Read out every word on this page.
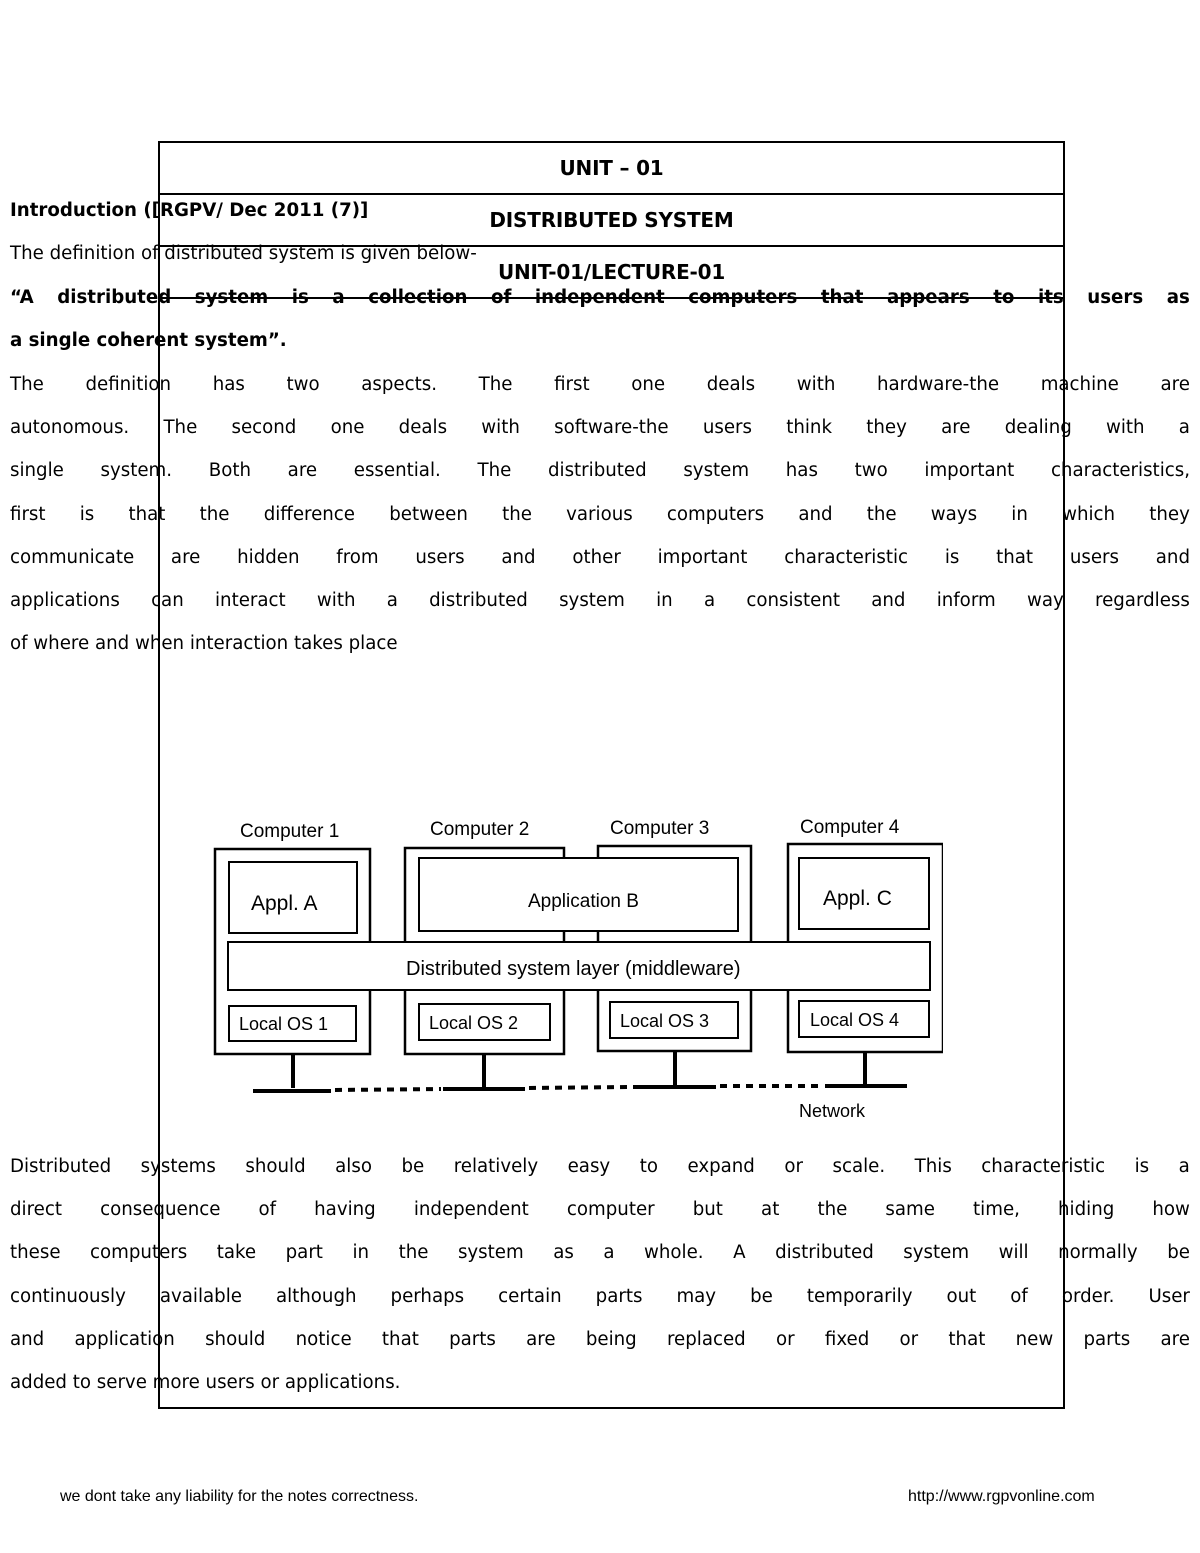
UNIT – 01
DISTRIBUTED SYSTEM
UNIT-01/LECTURE-01
Introduction ([RGPV/ Dec 2011 (7)]
The definition of distributed system is given below-
“A distributed system is a collection of independent computers that appears to its users as
a single coherent system”.
The definition has two aspects. The first one deals with hardware-the machine are
autonomous. The second one deals with software-the users think they are dealing with a
single system. Both are essential. The distributed system has two important characteristics,
first is that the difference between the various computers and the ways in which they
communicate are hidden from users and other important characteristic is that users and
applications can interact with a distributed system in a consistent and inform way regardless
of where and when interaction takes place
Distributed systems should also be relatively easy to expand or scale. This characteristic is a
direct consequence of having independent computer but at the same time, hiding how
these computers take part in the system as a whole. A distributed system will normally be
continuously available although perhaps certain parts may be temporarily out of order. User
and application should notice that parts are being replaced or fixed or that new parts are
added to serve more users or applications.
Computer 1	Computer 2	Computer 3	Computer 4
Appl. A	Application B	Appl. C
Distributed system layer (middleware)
Local OS 1	Local OS 2	Local OS 3	Local OS 4
Network
we dont take any liability for the notes correctness.	http://www.rgpvonline.com
